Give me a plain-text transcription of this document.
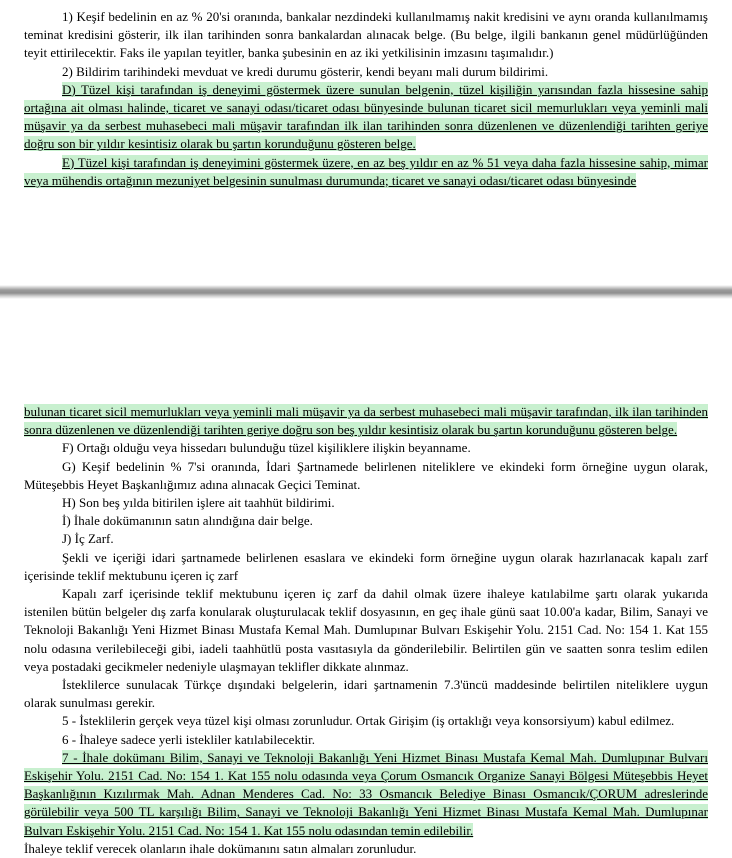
1) Keşif bedelinin en az % 20'si oranında, bankalar nezdindeki kullanılmamış nakit kredisini ve aynı oranda kullanılmamış teminat kredisini gösterir, ilk ilan tarihinden sonra bankalardan alınacak belge. (Bu belge, ilgili bankanın genel müdürlüğünden teyit ettirilecektir. Faks ile yapılan teyitler, banka şubesinin en az iki yetkilisinin imzasını taşımalıdır.)

2) Bildirim tarihindeki mevduat ve kredi durumu gösterir, kendi beyanı mali durum bildirimi.

D) Tüzel kişi tarafından iş deneyimi göstermek üzere sunulan belgenin, tüzel kişiliğin yarısından fazla hissesine sahip ortağına ait olması halinde, ticaret ve sanayi odası/ticaret odası bünyesinde bulunan ticaret sicil memurlukları veya yeminli mali müşavir ya da serbest muhasebeci mali müşavir tarafından ilk ilan tarihinden sonra düzenlenen ve düzenlendiği tarihten geriye doğru son bir yıldır kesintisiz olarak bu şartın korunduğunu gösteren belge.

E) Tüzel kişi tarafından iş deneyimini göstermek üzere, en az beş yıldır en az % 51 veya daha fazla hissesine sahip, mimar veya mühendis ortağının mezuniyet belgesinin sunulması durumunda; ticaret ve sanayi odası/ticaret odası bünyesinde

bulunan ticaret sicil memurlukları veya yeminli mali müşavir ya da serbest muhasebeci mali müşavir tarafından, ilk ilan tarihinden sonra düzenlenen ve düzenlendiği tarihten geriye doğru son beş yıldır kesintisiz olarak bu şartın korunduğunu gösteren belge.

F) Ortağı olduğu veya hissedarı bulunduğu tüzel kişiliklere ilişkin beyanname.

G) Keşif bedelinin % 7'si oranında, İdari Şartnamede belirlenen niteliklere ve ekindeki form örneğine uygun olarak, Müteşebbis Heyet Başkanlığımız adına alınacak Geçici Teminat.

H) Son beş yılda bitirilen işlere ait taahhüt bildirimi.

İ) İhale dokümanının satın alındığına dair belge.

J) İç Zarf.

Şekli ve içeriği idari şartnamede belirlenen esaslara ve ekindeki form örneğine uygun olarak hazırlanacak kapalı zarf içerisinde teklif mektubunu içeren iç zarf

Kapalı zarf içerisinde teklif mektubunu içeren iç zarf da dahil olmak üzere ihaleye katılabilme şartı olarak yukarıda istenilen bütün belgeler dış zarfa konularak oluşturulacak teklif dosyasının, en geç ihale günü saat 10.00'a kadar, Bilim, Sanayi ve Teknoloji Bakanlığı Yeni Hizmet Binası Mustafa Kemal Mah. Dumlupınar Bulvarı Eskişehir Yolu. 2151 Cad. No: 154 1. Kat 155 nolu odasına verilebileceği gibi, iadeli taahhütlü posta vasıtasıyla da gönderilebilir. Belirtilen gün ve saatten sonra teslim edilen veya postadaki gecikmeler nedeniyle ulaşmayan teklifler dikkate alınmaz.

İsteklilerce sunulacak Türkçe dışındaki belgelerin, idari şartnamenin 7.3'üncü maddesinde belirtilen niteliklere uygun olarak sunulması gerekir.

5 - İsteklilerin gerçek veya tüzel kişi olması zorunludur. Ortak Girişim (iş ortaklığı veya konsorsiyum) kabul edilmez.

6 - İhaleye sadece yerli istekliler katılabilecektir.

7 - İhale dokümanı Bilim, Sanayi ve Teknoloji Bakanlığı Yeni Hizmet Binası Mustafa Kemal Mah. Dumlupınar Bulvarı Eskişehir Yolu. 2151 Cad. No: 154 1. Kat 155 nolu odasında veya Çorum Osmancık Organize Sanayi Bölgesi Müteşebbis Heyet Başkanlığının Kızılırmak Mah. Adnan Menderes Cad. No: 33 Osmancık Belediye Binası Osmancık/ÇORUM adreslerinde görülebilir veya 500 TL karşılığı Bilim, Sanayi ve Teknoloji Bakanlığı Yeni Hizmet Binası Mustafa Kemal Mah. Dumlupınar Bulvarı Eskişehir Yolu. 2151 Cad. No: 154 1. Kat 155 nolu odasından temin edilebilir.

İhaleye teklif verecek olanların ihale dokümanını satın almaları zorunludur.
